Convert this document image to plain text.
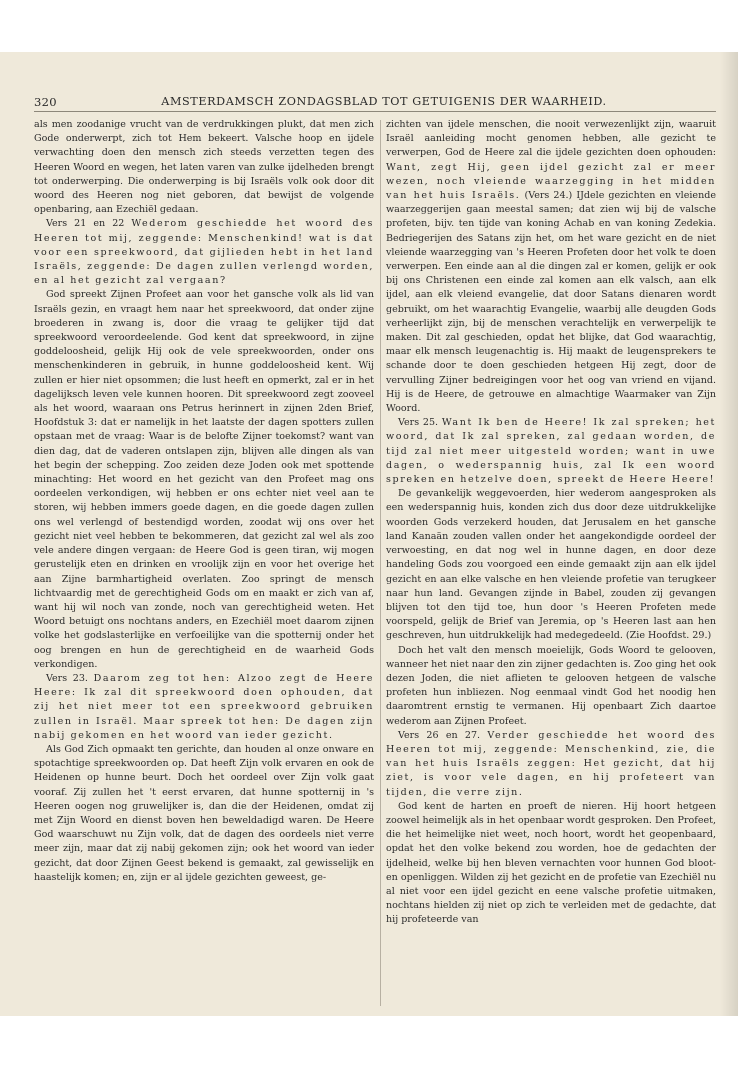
320	AMSTERDAMSCH ZONDAGSBLAD TOT GETUIGENIS DER WAARHEID.

als men zoodanige vrucht van de verdrukkingen plukt, dat men zich Gode onderwerpt, zich tot Hem bekeert. Valsche hoop en ijdele verwachting doen den mensch zich steeds verzetten tegen des Heeren Woord en wegen, het laten varen van zulke ijdelheden brengt tot onderwerping. Die onderwerping is bij Israëls volk ook door dit woord des Heeren nog niet geboren, dat bewijst de volgende openbaring, aan Ezechiël gedaan.

Vers 21 en 22 Wederom geschiedde het woord des Heeren tot mij, zeggende: Menschenkind! wat is dat voor een spreekwoord, dat gijlieden hebt in het land Israëls, zeggende: De dagen zullen verlengd worden, en al het gezicht zal vergaan?

God spreekt Zijnen Profeet aan voor het gansche volk als lid van Israëls gezin, en vraagt hem naar het spreekwoord, dat onder zijne broederen in zwang is, door die vraag te gelijker tijd dat spreekwoord veroordeelende. God kent dat spreekwoord, in zijne goddeloosheid, gelijk Hij ook de vele spreekwoorden, onder ons menschenkinderen in gebruik, in hunne goddeloosheid kent. Wij zullen er hier niet opsommen; die lust heeft en opmerkt, zal er in het dagelijksch leven vele kunnen hooren. Dit spreekwoord zegt zooveel als het woord, waaraan ons Petrus herinnert in zijnen 2den Brief, Hoofdstuk 3: dat er namelijk in het laatste der dagen spotters zullen opstaan met de vraag: Waar is de belofte Zijner toekomst? want van dien dag, dat de vaderen ontslapen zijn, blijven alle dingen als van het begin der schepping. Zoo zeiden deze Joden ook met spottende minachting: Het woord en het gezicht van den Profeet mag ons oordeelen verkondigen, wij hebben er ons echter niet veel aan te storen, wij hebben immers goede dagen, en die goede dagen zullen ons wel verlengd of bestendigd worden, zoodat wij ons over het gezicht niet veel hebben te bekommeren, dat gezicht zal wel als zoo vele andere dingen vergaan: de Heere God is geen tiran, wij mogen gerustelijk eten en drinken en vroolijk zijn en voor het overige het aan Zijne barmhartigheid overlaten. Zoo springt de mensch lichtvaardig met de gerechtigheid Gods om en maakt er zich van af, want hij wil noch van zonde, noch van gerechtigheid weten. Het Woord betuigt ons nochtans anders, en Ezechiël moet daarom zijnen volke het godslasterlijke en verfoeilijke van die spotternij onder het oog brengen en hun de gerechtigheid en de waarheid Gods verkondigen.

Vers 23. Daarom zeg tot hen: Alzoo zegt de Heere Heere: Ik zal dit spreekwoord doen ophouden, dat zij het niet meer tot een spreekwoord gebruiken zullen in Israël. Maar spreek tot hen: De dagen zijn nabij gekomen en het woord van ieder gezicht.

Als God Zich opmaakt ten gerichte, dan houden al onze onware en spotachtige spreekwoorden op. Dat heeft Zijn volk ervaren en ook de Heidenen op hunne beurt. Doch het oordeel over Zijn volk gaat vooraf. Zij zullen het 't eerst ervaren, dat hunne spotternij in 's Heeren oogen nog gruwelijker is, dan die der Heidenen, omdat zij met Zijn Woord en dienst boven hen beweldadigd waren. De Heere God waarschuwt nu Zijn volk, dat de dagen des oordeels niet verre meer zijn, maar dat zij nabij gekomen zijn; ook het woord van ieder gezicht, dat door Zijnen Geest bekend is gemaakt, zal gewisselijk en haastelijk komen; en, zijn er al ijdele gezichten geweest, ge-

zichten van ijdele menschen, die nooit verwezenlijkt zijn, waaruit Israël aanleiding mocht genomen hebben, alle gezicht te verwerpen, God de Heere zal die ijdele gezichten doen ophouden: Want, zegt Hij, geen ijdel gezicht zal er meer wezen, noch vleiende waarzegging in het midden van het huis Israëls. (Vers 24.) IJdele gezichten en vleiende waarzeggerijen gaan meestal samen; dat zien wij bij de valsche profeten, bijv. ten tijde van koning Achab en van koning Zedekia. Bedriegerijen des Satans zijn het, om het ware gezicht en de niet vleiende waarzegging van 's Heeren Profeten door het volk te doen verwerpen. Een einde aan al die dingen zal er komen, gelijk er ook bij ons Christenen een einde zal komen aan elk valsch, aan elk ijdel, aan elk vleiend evangelie, dat door Satans dienaren wordt gebruikt, om het waarachtig Evangelie, waarbij alle deugden Gods verheerlijkt zijn, bij de menschen verachtelijk en verwerpelijk te maken. Dit zal geschieden, opdat het blijke, dat God waarachtig, maar elk mensch leugenachtig is. Hij maakt de leugensprekers te schande door te doen geschieden hetgeen Hij zegt, door de vervulling Zijner bedreigingen voor het oog van vriend en vijand. Hij is de Heere, de getrouwe en almachtige Waarmaker van Zijn Woord.

Vers 25. Want Ik ben de Heere! Ik zal spreken; het woord, dat Ik zal spreken, zal gedaan worden, de tijd zal niet meer uitgesteld worden; want in uwe dagen, o wederspannig huis, zal Ik een woord spreken en hetzelve doen, spreekt de Heere Heere!

De gevankelijk weggevoerden, hier wederom aangesproken als een wederspannig huis, konden zich dus door deze uitdrukkelijke woorden Gods verzekerd houden, dat Jerusalem en het gansche land Kanaän zouden vallen onder het aangekondigde oordeel der verwoesting, en dat nog wel in hunne dagen, en door deze handeling Gods zou voorgoed een einde gemaakt zijn aan elk ijdel gezicht en aan elke valsche en hen vleiende profetie van terugkeer naar hun land. Gevangen zijnde in Babel, zouden zij gevangen blijven tot den tijd toe, hun door 's Heeren Profeten mede voorspeld, gelijk de Brief van Jeremia, op 's Heeren last aan hen geschreven, hun uitdrukkelijk had medegedeeld. (Zie Hoofdst. 29.)

Doch het valt den mensch moeielijk, Gods Woord te gelooven, wanneer het niet naar den zin zijner gedachten is. Zoo ging het ook dezen Joden, die niet aflieten te gelooven hetgeen de valsche profeten hun inbliezen. Nog eenmaal vindt God het noodig hen daaromtrent ernstig te vermanen. Hij openbaart Zich daartoe wederom aan Zijnen Profeet.

Vers 26 en 27. Verder geschiedde het woord des Heeren tot mij, zeggende: Menschenkind, zie, die van het huis Israëls zeggen: Het gezicht, dat hij ziet, is voor vele dagen, en hij profeteert van tijden, die verre zijn.

God kent de harten en proeft de nieren. Hij hoort hetgeen zoowel heimelijk als in het openbaar wordt gesproken. Den Profeet, die het heimelijke niet weet, noch hoort, wordt het geopenbaard, opdat het den volke bekend zou worden, hoe de gedachten der ijdelheid, welke bij hen bleven vernachten voor hunnen God bloot- en openliggen. Wilden zij het gezicht en de profetie van Ezechiël nu al niet voor een ijdel gezicht en eene valsche profetie uitmaken, nochtans hielden zij niet op zich te verleiden met de gedachte, dat hij profeteerde van
